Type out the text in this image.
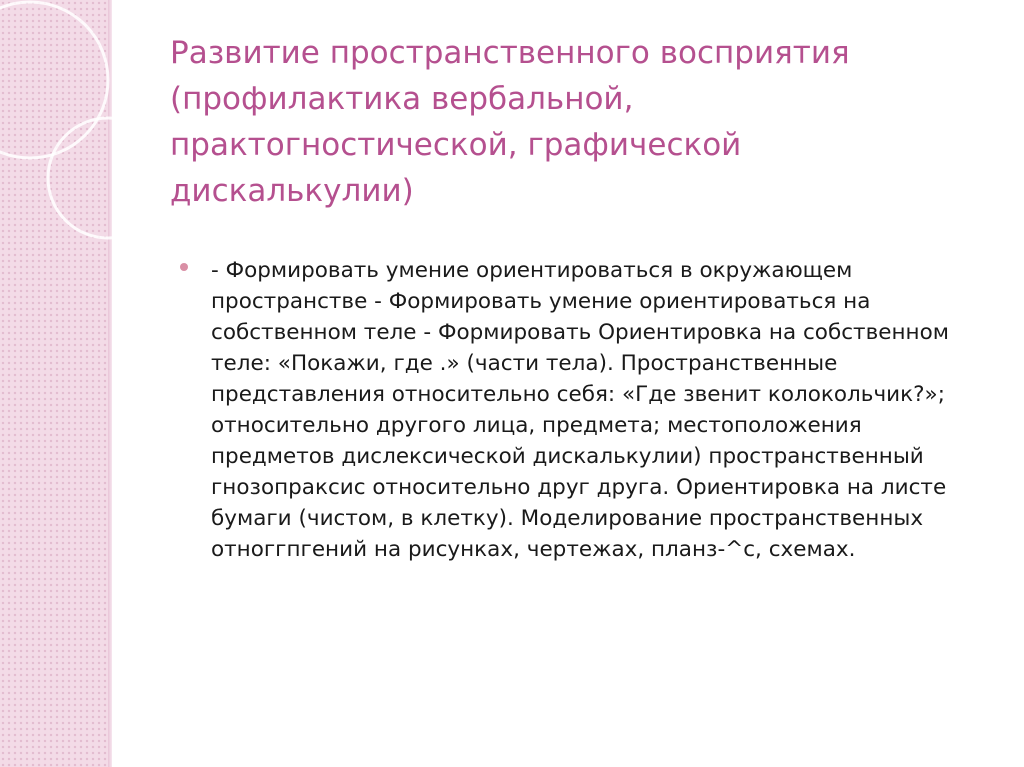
Развитие пространственного восприятия (профилактика вербальной, практогностической, графической дискалькулии)

- Формировать умение ориентироваться в окружающем пространстве - Формировать умение ориентироваться на собственном теле - Формировать Ориентировка на собственном теле: «Покажи, где .» (части тела). Пространственные представления относительно себя: «Где звенит колокольчик?»; относительно другого лица, предмета; местоположения предметов дислексической дискалькулии) пространственный гнозопраксис относительно друг друга. Ориентировка на листе бумаги (чистом, в клетку). Моделирование пространственных отноггпгений на рисунках, чертежах, планз-^с, схемах.
